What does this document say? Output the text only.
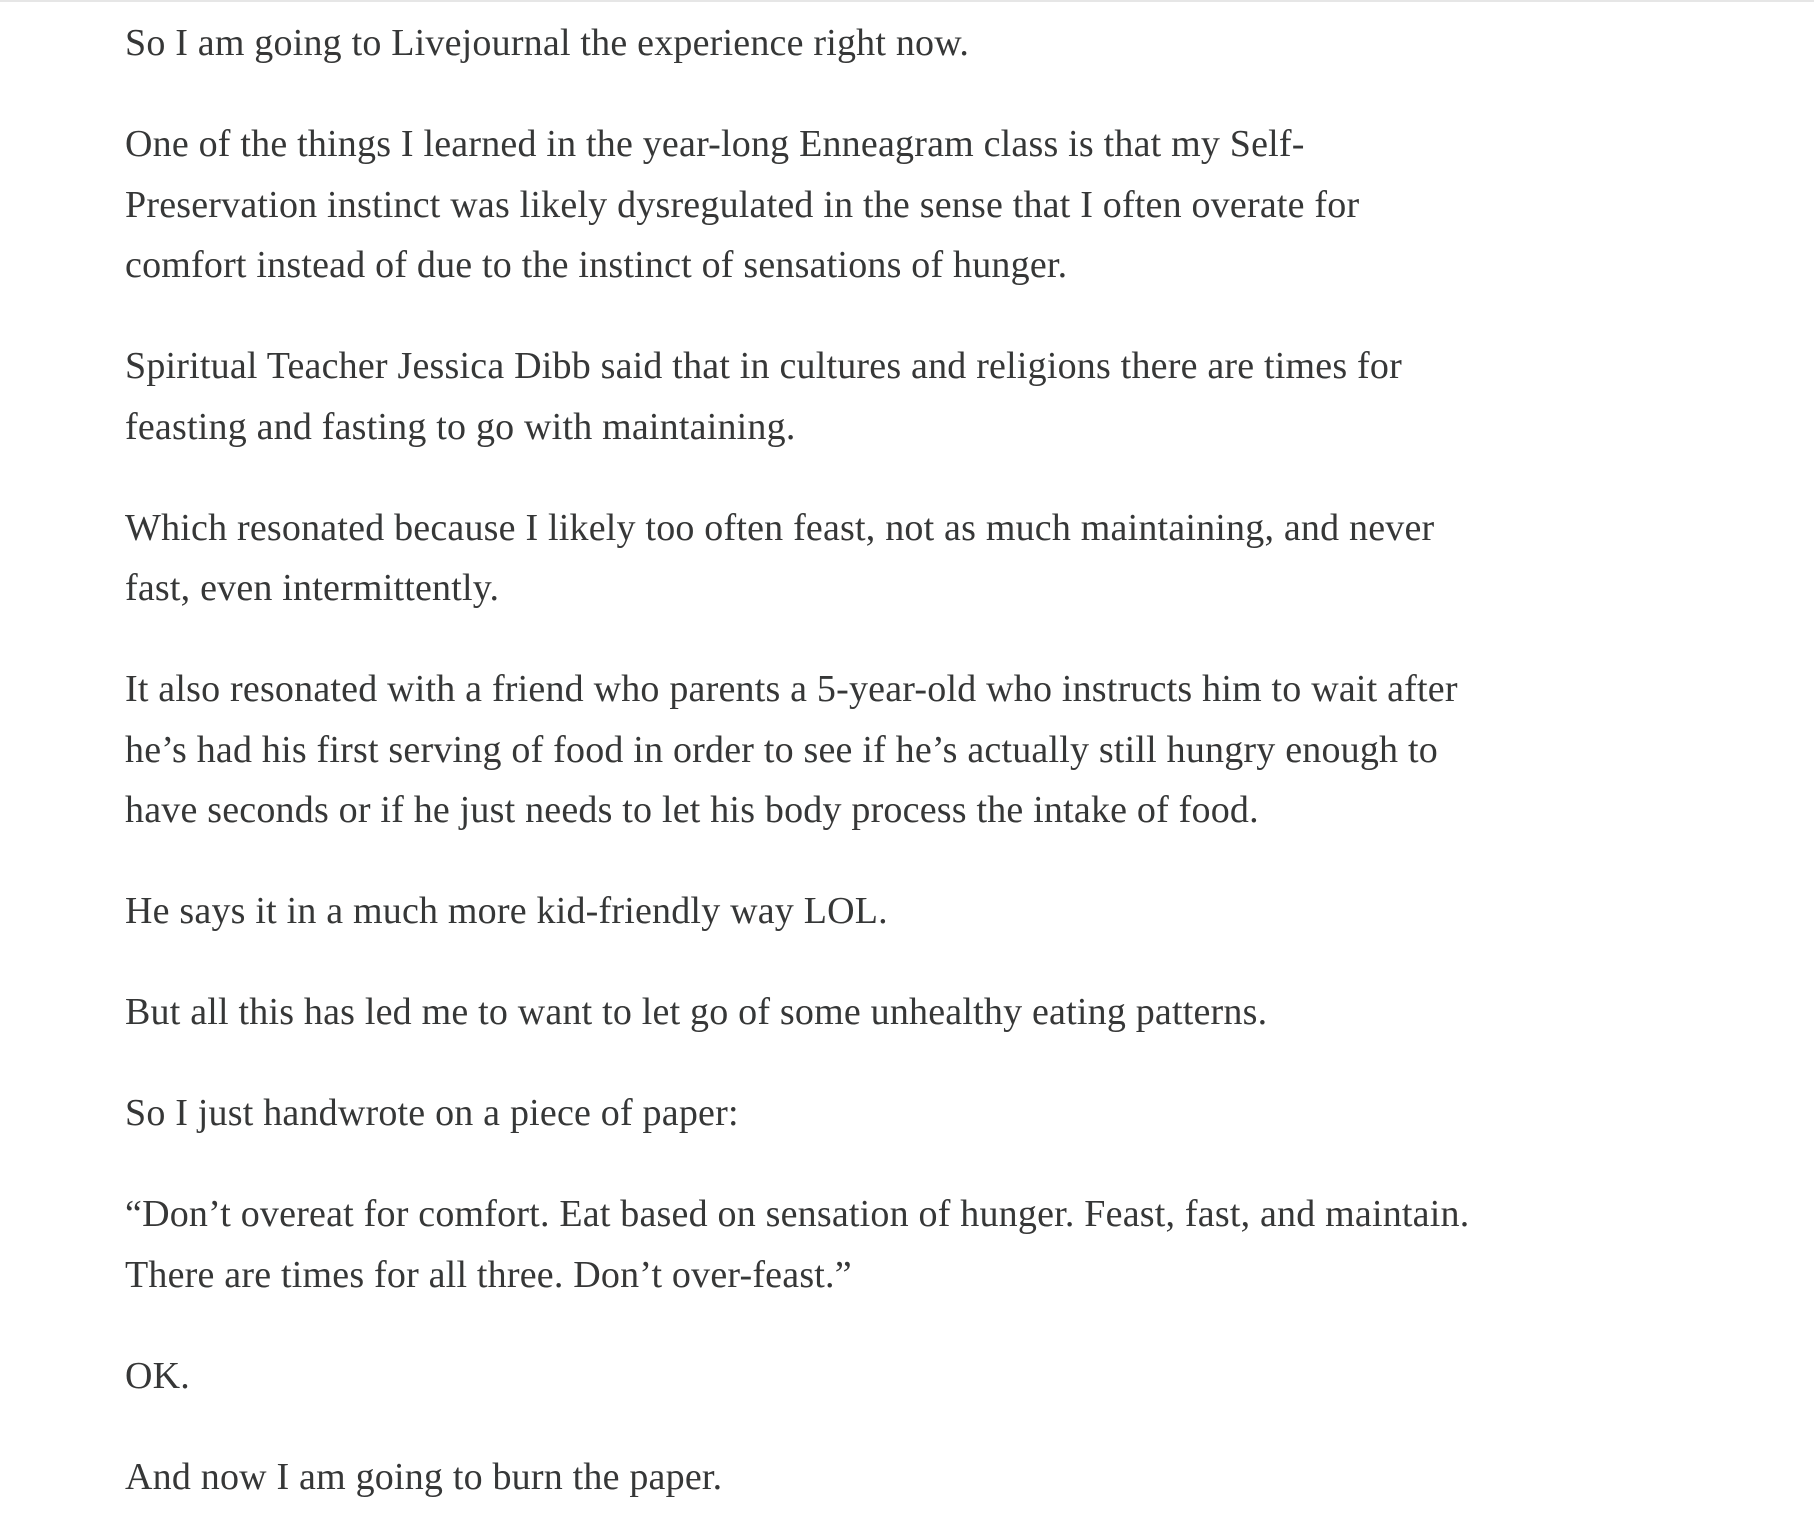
So I am going to Livejournal the experience right now.

One of the things I learned in the year-long Enneagram class is that my Self-
Preservation instinct was likely dysregulated in the sense that I often overate for
comfort instead of due to the instinct of sensations of hunger.

Spiritual Teacher Jessica Dibb said that in cultures and religions there are times for
feasting and fasting to go with maintaining.

Which resonated because I likely too often feast, not as much maintaining, and never
fast, even intermittently.

It also resonated with a friend who parents a 5-year-old who instructs him to wait after
he’s had his first serving of food in order to see if he’s actually still hungry enough to
have seconds or if he just needs to let his body process the intake of food.

He says it in a much more kid-friendly way LOL.

But all this has led me to want to let go of some unhealthy eating patterns.

So I just handwrote on a piece of paper:

“Don’t overeat for comfort. Eat based on sensation of hunger. Feast, fast, and maintain.
There are times for all three. Don’t over-feast.”

OK.

And now I am going to burn the paper.
